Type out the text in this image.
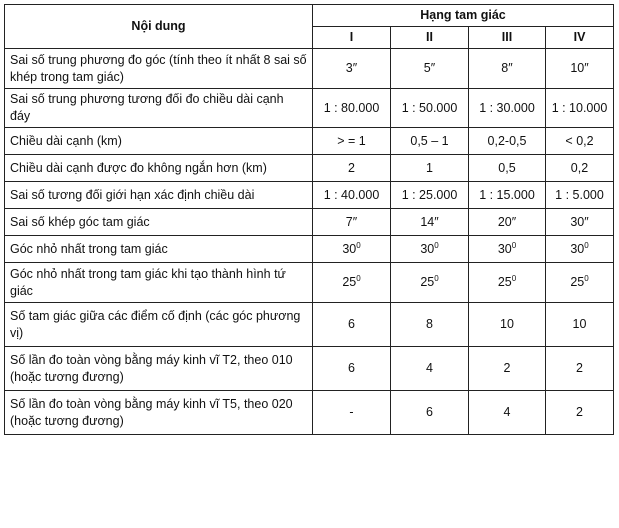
Nội dung	Hạng tam giác			
	I	II	III	IV
Sai số trung phương đo góc (tính theo ít nhất 8 sai số khép trong tam giác)	3″	5″	8″	10″
Sai số trung phương tương đối đo chiều dài cạnh đáy	1 : 80.000	1 : 50.000	1 : 30.000	1 : 10.000
Chiều dài cạnh (km)	> = 1	0,5 – 1	0,2-0,5	< 0,2
Chiều dài cạnh được đo không ngắn hơn (km)	2	1	0,5	0,2
Sai số tương đối giới hạn xác định chiều dài	1 : 40.000	1 : 25.000	1 : 15.000	1 : 5.000
Sai số khép góc tam giác	7″	14″	20″	30″
Góc nhỏ nhất trong tam giác	$30^0$	$30^0$	$30^0$	$30^0$
Góc nhỏ nhất trong tam giác khi tạo thành hình tứ giác	$25^0$	$25^0$	$25^0$	$25^0$
Số tam giác giữa các điểm cố định (các góc phương vị)	6	8	10	10
Số lần đo toàn vòng bằng máy kinh vĩ T2, theo 010 (hoặc tương đương)	6	4	2	2
Số lần đo toàn vòng bằng máy kinh vĩ T5, theo 020 (hoặc tương đương)	-	6	4	2
